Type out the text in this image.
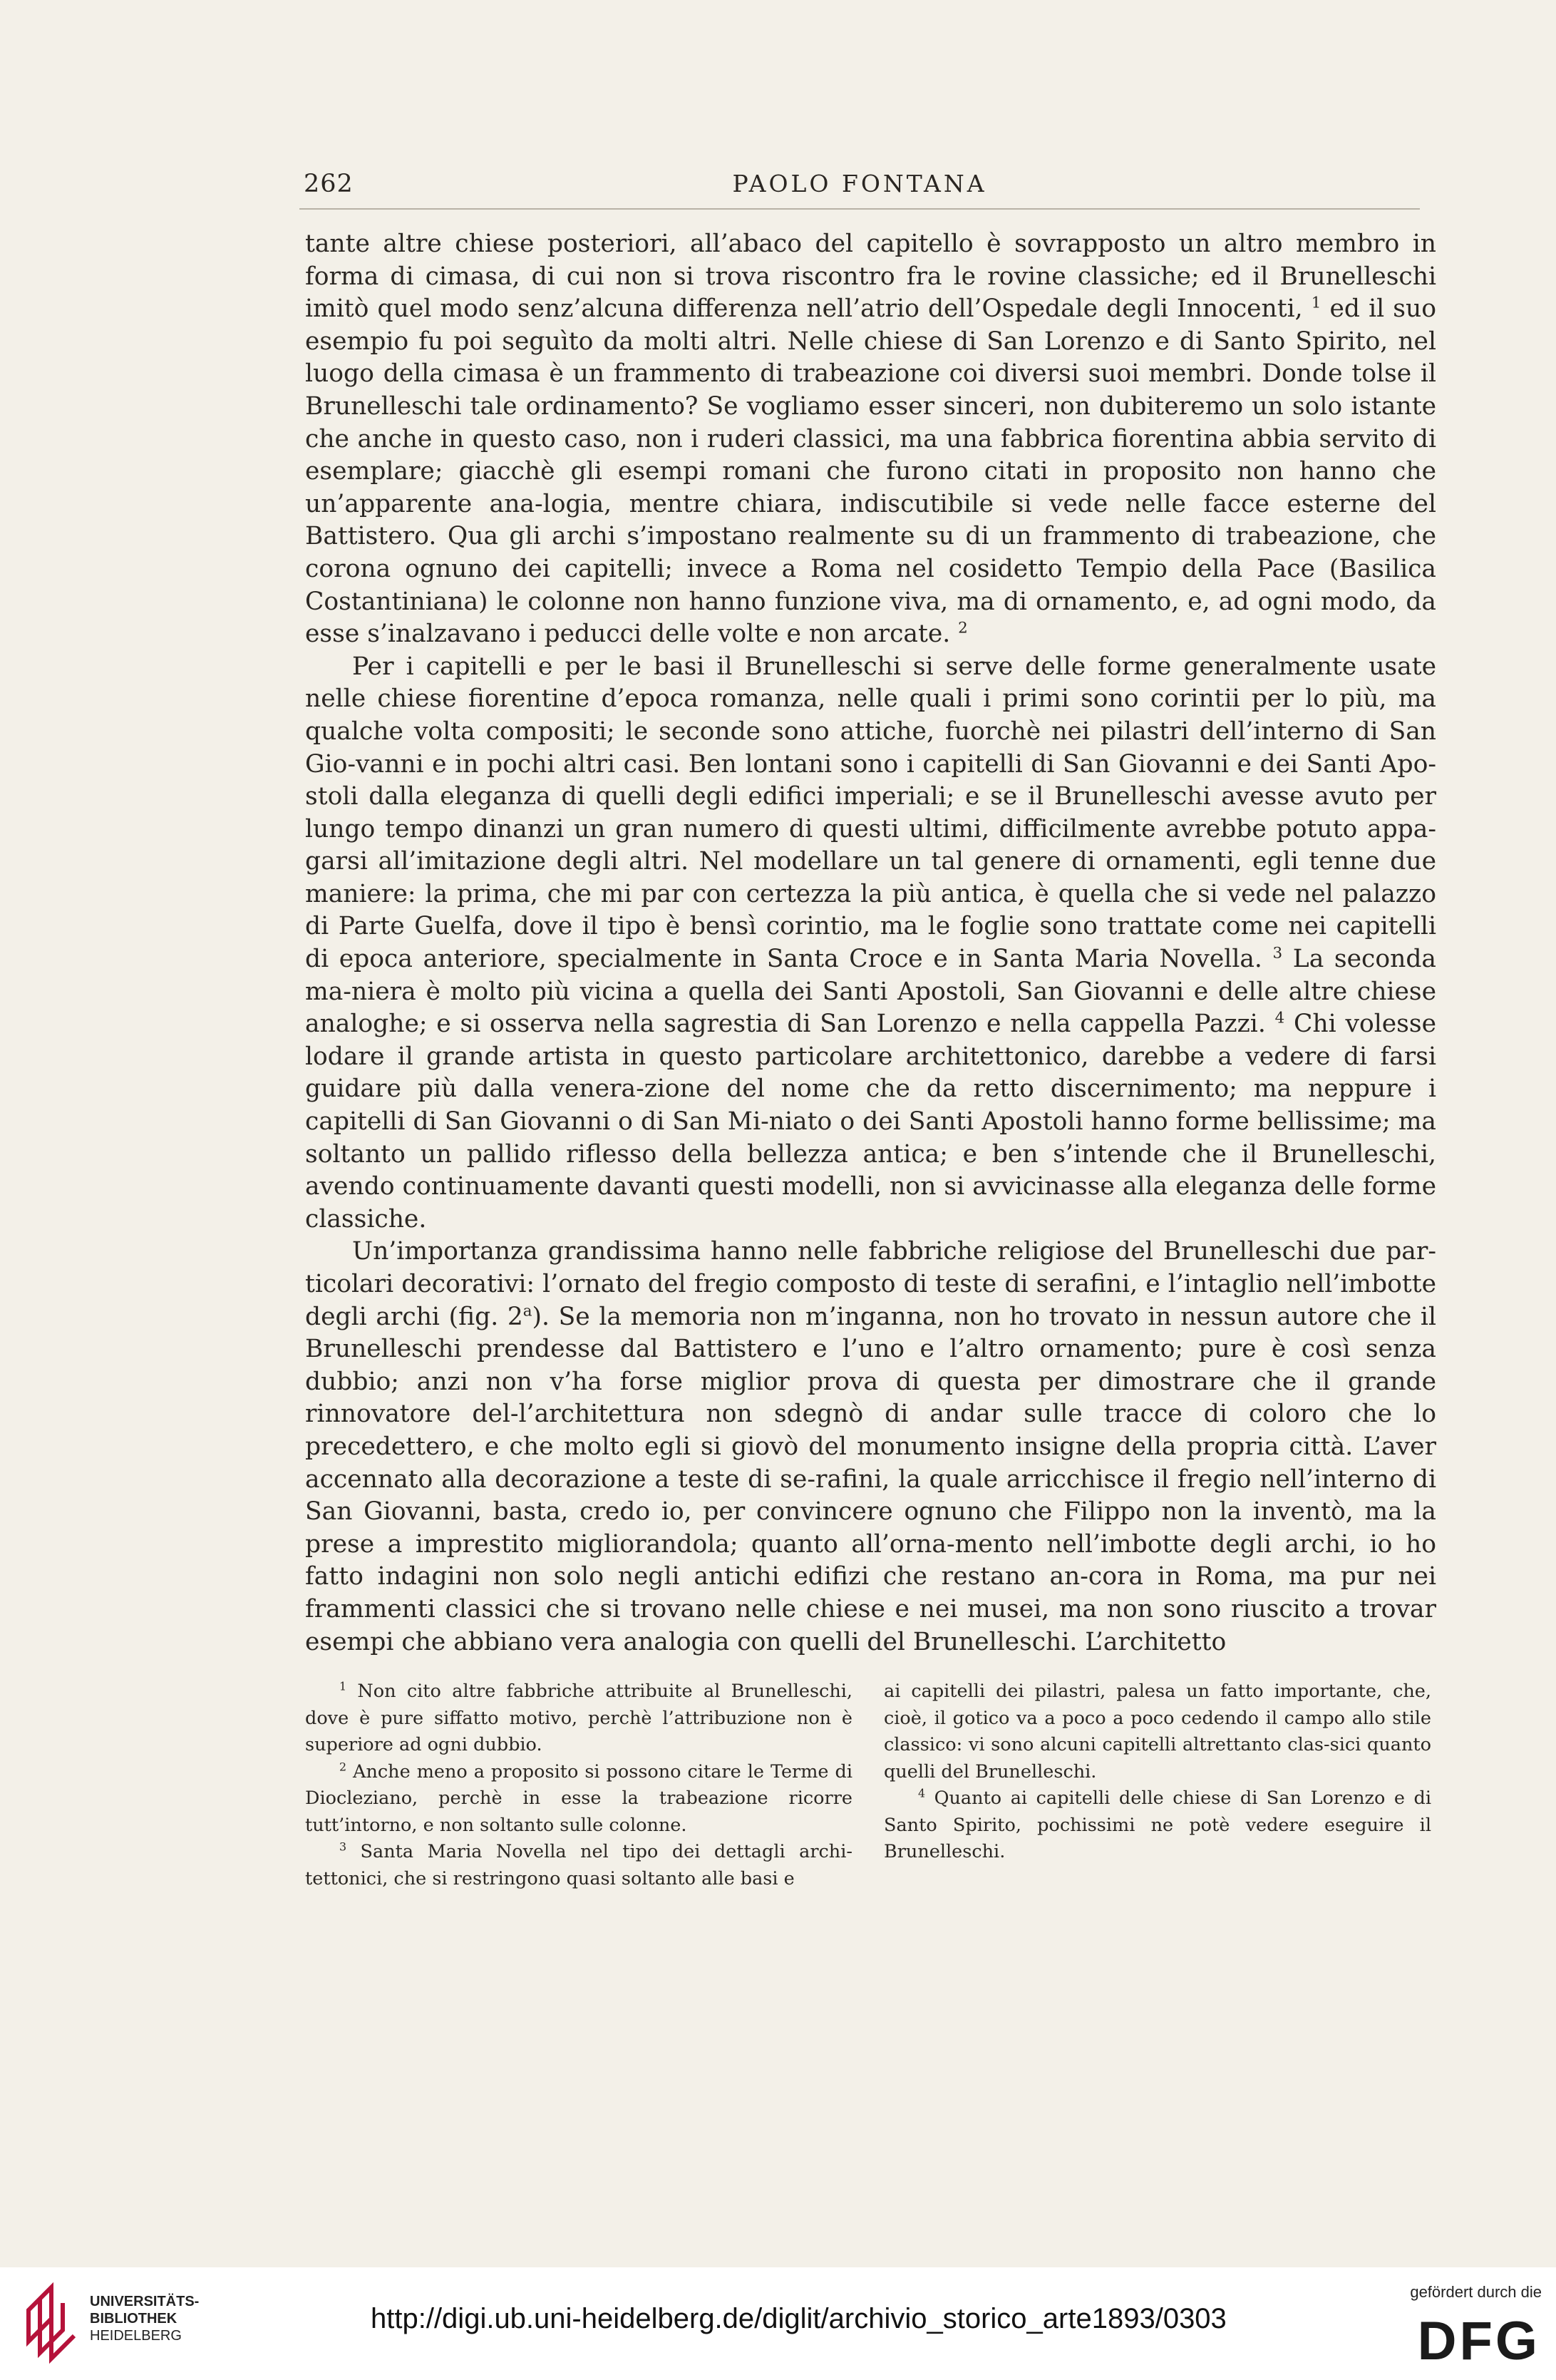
262	PAOLO FONTANA

tante altre chiese posteriori, all’abaco del capitello è sovrapposto un altro membro in forma di cimasa, di cui non si trova riscontro fra le rovine classiche; ed il Brunelleschi imitò quel modo senz’alcuna differenza nell’atrio dell’Ospedale degli Innocenti, $^1$ ed il suo esempio fu poi seguìto da molti altri. Nelle chiese di San Lorenzo e di Santo Spirito, nel luogo della cimasa è un frammento di trabeazione coi diversi suoi membri. Donde tolse il Brunelleschi tale ordinamento? Se vogliamo esser sinceri, non dubiteremo un solo istante che anche in questo caso, non i ruderi classici, ma una fabbrica fiorentina abbia servito di esemplare; giacchè gli esempi romani che furono citati in proposito non hanno che un’apparente ana-logia, mentre chiara, indiscutibile si vede nelle facce esterne del Battistero. Qua gli archi s’impostano realmente su di un frammento di trabeazione, che corona ognuno dei capitelli; invece a Roma nel cosidetto Tempio della Pace (Basilica Costantiniana) le colonne non hanno funzione viva, ma di ornamento, e, ad ogni modo, da esse s’inalzavano i peducci delle volte e non arcate. $^2$

Per i capitelli e per le basi il Brunelleschi si serve delle forme generalmente usate nelle chiese fiorentine d’epoca romanza, nelle quali i primi sono corintii per lo più, ma qualche volta compositi; le seconde sono attiche, fuorchè nei pilastri dell’interno di San Gio-vanni e in pochi altri casi. Ben lontani sono i capitelli di San Giovanni e dei Santi Apo-stoli dalla eleganza di quelli degli edifici imperiali; e se il Brunelleschi avesse avuto per lungo tempo dinanzi un gran numero di questi ultimi, difficilmente avrebbe potuto appa-garsi all’imitazione degli altri. Nel modellare un tal genere di ornamenti, egli tenne due maniere: la prima, che mi par con certezza la più antica, è quella che si vede nel palazzo di Parte Guelfa, dove il tipo è bensì corintio, ma le foglie sono trattate come nei capitelli di epoca anteriore, specialmente in Santa Croce e in Santa Maria Novella. $^3$ La seconda ma-niera è molto più vicina a quella dei Santi Apostoli, San Giovanni e delle altre chiese analoghe; e si osserva nella sagrestia di San Lorenzo e nella cappella Pazzi. $^4$ Chi volesse lodare il grande artista in questo particolare architettonico, darebbe a vedere di farsi guidare più dalla venera-zione del nome che da retto discernimento; ma neppure i capitelli di San Giovanni o di San Mi-niato o dei Santi Apostoli hanno forme bellissime; ma soltanto un pallido riflesso della bellezza antica; e ben s’intende che il Brunelleschi, avendo continuamente davanti questi modelli, non si avvicinasse alla eleganza delle forme classiche.

Un’importanza grandissima hanno nelle fabbriche religiose del Brunelleschi due par-ticolari decorativi: l’ornato del fregio composto di teste di serafini, e l’intaglio nell’imbotte degli archi (fig. 2$^a$). Se la memoria non m’inganna, non ho trovato in nessun autore che il Brunelleschi prendesse dal Battistero e l’uno e l’altro ornamento; pure è così senza dubbio; anzi non v’ha forse miglior prova di questa per dimostrare che il grande rinnovatore del-l’architettura non sdegnò di andar sulle tracce di coloro che lo precedettero, e che molto egli si giovò del monumento insigne della propria città. L’aver accennato alla decorazione a teste di se-rafini, la quale arricchisce il fregio nell’interno di San Giovanni, basta, credo io, per convincere ognuno che Filippo non la inventò, ma la prese a imprestito migliorandola; quanto all’orna-mento nell’imbotte degli archi, io ho fatto indagini non solo negli antichi edifizi che restano an-cora in Roma, ma pur nei frammenti classici che si trovano nelle chiese e nei musei, ma non sono riuscito a trovar esempi che abbiano vera analogia con quelli del Brunelleschi. L’architetto

$^1$ Non cito altre fabbriche attribuite al Brunelleschi, dove è pure siffatto motivo, perchè l’attribuzione non è superiore ad ogni dubbio.

$^2$ Anche meno a proposito si possono citare le Terme di Diocleziano, perchè in esse la trabeazione ricorre tutt’intorno, e non soltanto sulle colonne.

$^3$ Santa Maria Novella nel tipo dei dettagli archi-tettonici, che si restringono quasi soltanto alle basi e

ai capitelli dei pilastri, palesa un fatto importante, che, cioè, il gotico va a poco a poco cedendo il campo allo stile classico: vi sono alcuni capitelli altrettanto clas-sici quanto quelli del Brunelleschi.

$^4$ Quanto ai capitelli delle chiese di San Lorenzo e di Santo Spirito, pochissimi ne potè vedere eseguire il Brunelleschi.

UNIVERSITÄTS-
BIBLIOTHEK
HEIDELBERG
http://digi.ub.uni-heidelberg.de/diglit/archivio_storico_arte1893/0303
gefördert durch die
DFG
